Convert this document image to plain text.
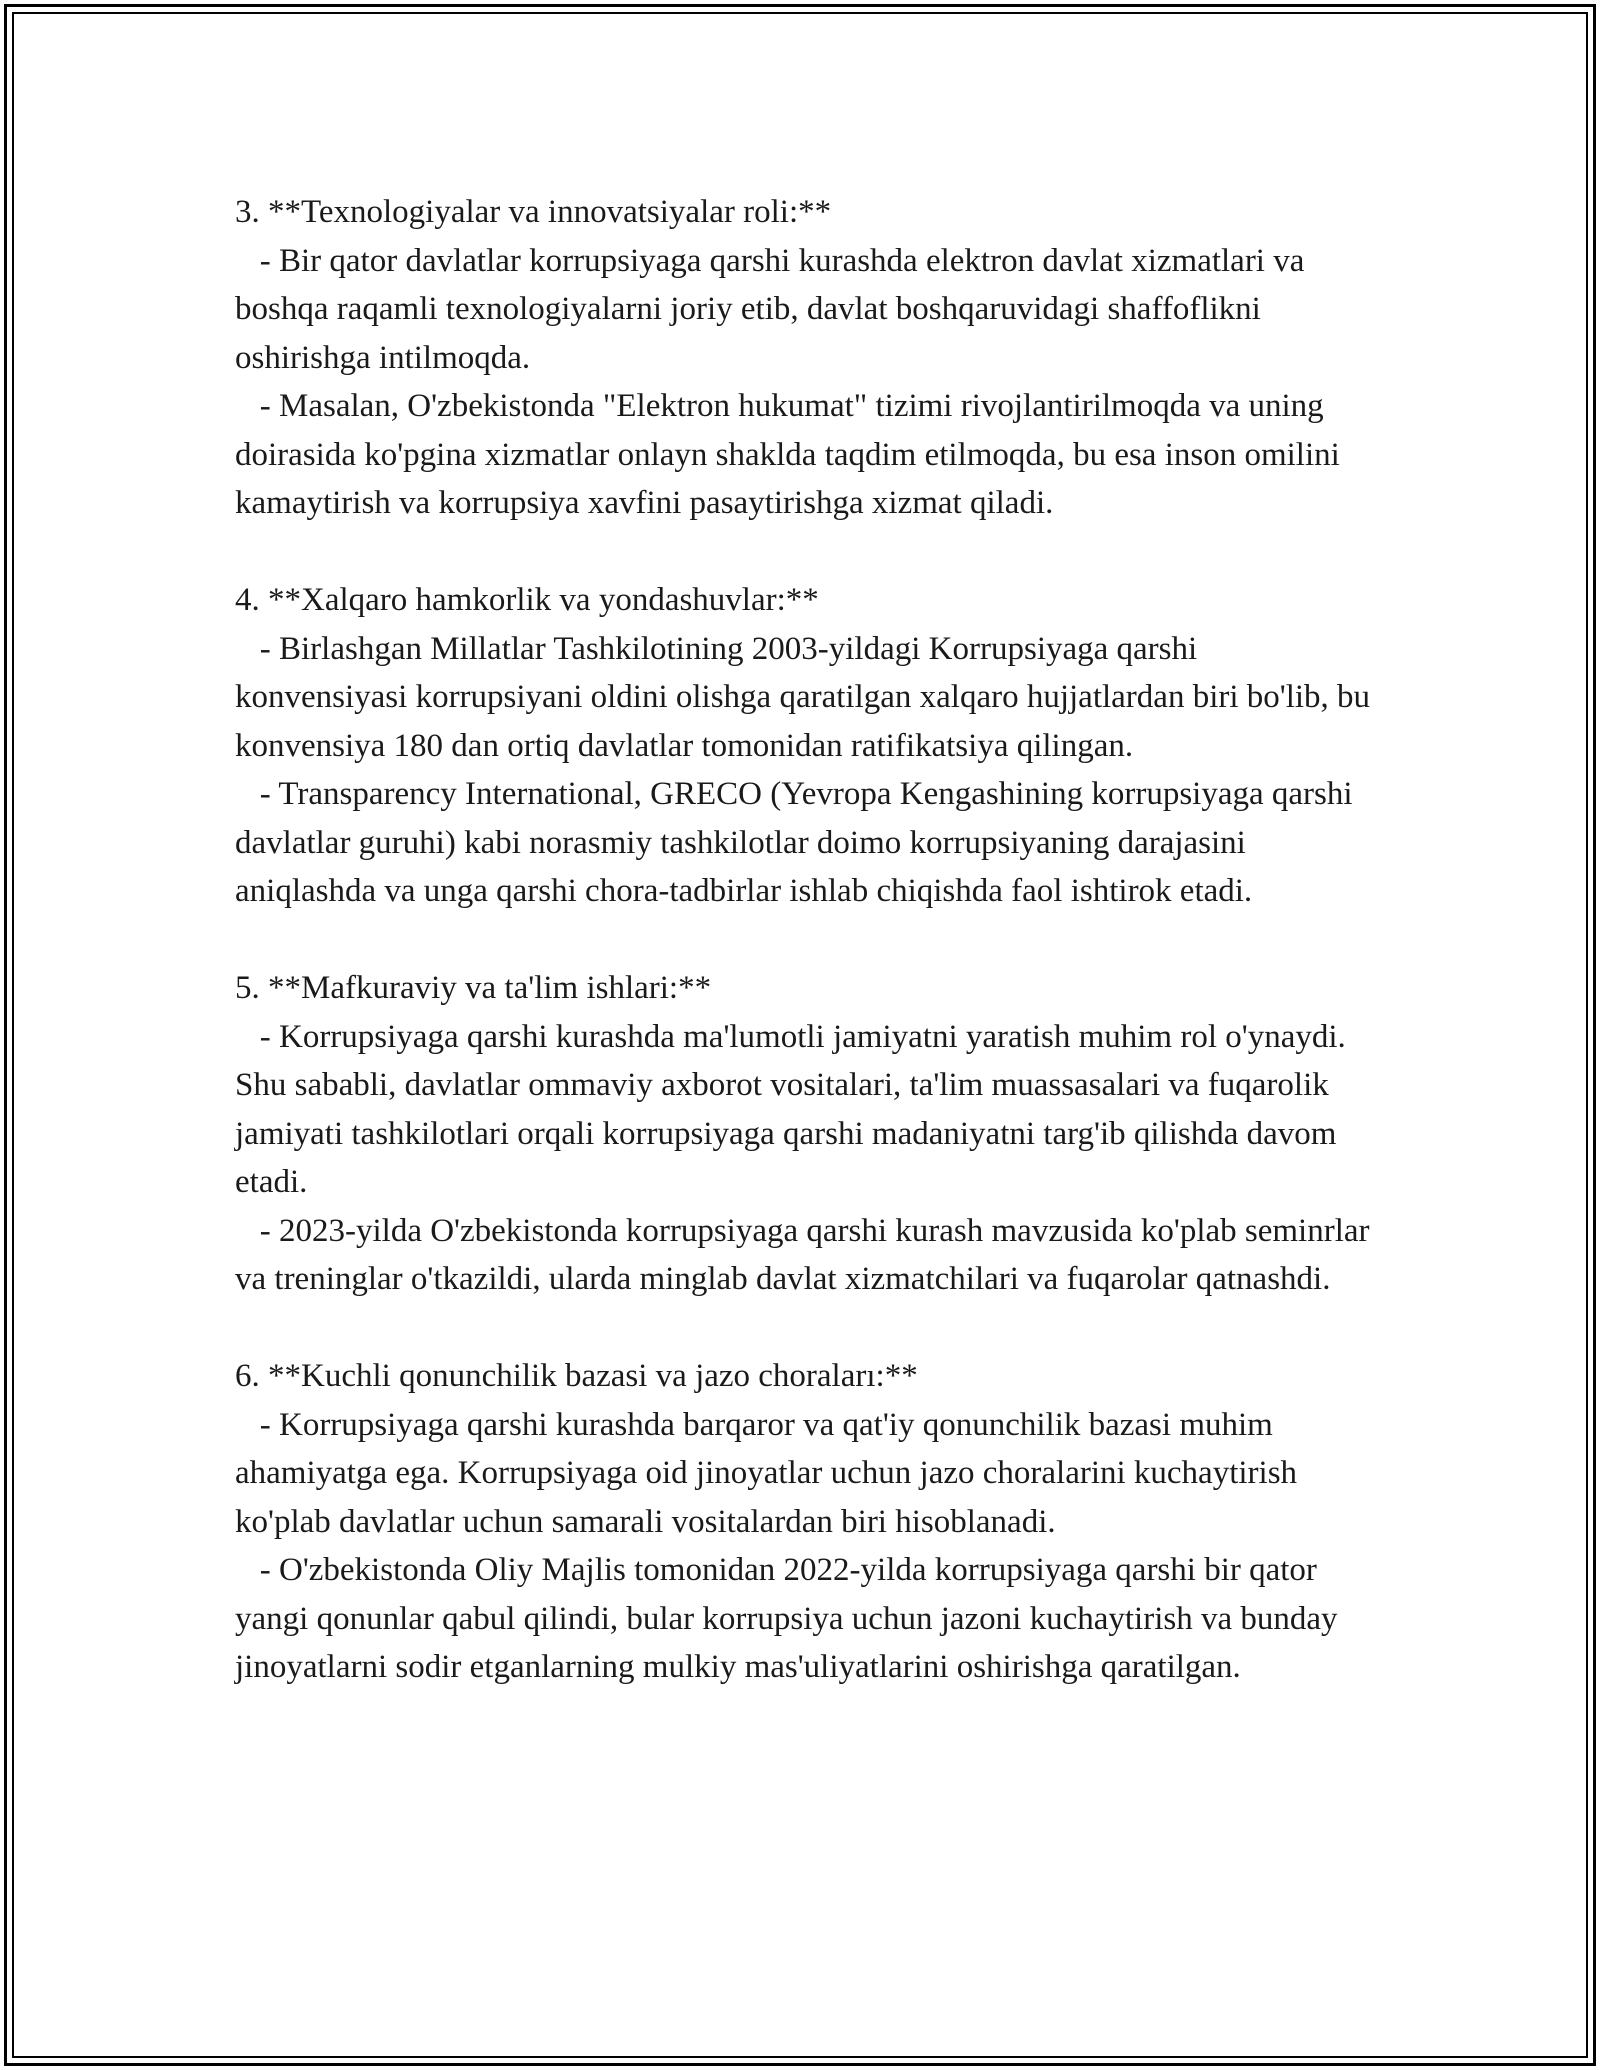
3. **Texnologiyalar va innovatsiyalar roli:**

- Bir qator davlatlar korrupsiyaga qarshi kurashda elektron davlat xizmatlari va boshqa raqamli texnologiyalarni joriy etib, davlat boshqaruvidagi shaffoflikni oshirishga intilmoqda.

- Masalan, O'zbekistonda "Elektron hukumat" tizimi rivojlantirilmoqda va uning doirasida ko'pgina xizmatlar onlayn shaklda taqdim etilmoqda, bu esa inson omilini kamaytirish va korrupsiya xavfini pasaytirishga xizmat qiladi.

4. **Xalqaro hamkorlik va yondashuvlar:**

- Birlashgan Millatlar Tashkilotining 2003-yildagi Korrupsiyaga qarshi konvensiyasi korrupsiyani oldini olishga qaratilgan xalqaro hujjatlardan biri bo'lib, bu konvensiya 180 dan ortiq davlatlar tomonidan ratifikatsiya qilingan.

- Transparency International, GRECO (Yevropa Kengashining korrupsiyaga qarshi davlatlar guruhi) kabi norasmiy tashkilotlar doimo korrupsiyaning darajasini aniqlashda va unga qarshi chora-tadbirlar ishlab chiqishda faol ishtirok etadi.

5. **Mafkuraviy va ta'lim ishlari:**

- Korrupsiyaga qarshi kurashda ma'lumotli jamiyatni yaratish muhim rol o'ynaydi. Shu sababli, davlatlar ommaviy axborot vositalari, ta'lim muassasalari va fuqarolik jamiyati tashkilotlari orqali korrupsiyaga qarshi madaniyatni targ'ib qilishda davom etadi.

- 2023-yilda O'zbekistonda korrupsiyaga qarshi kurash mavzusida ko'plab seminrlar va treninglar o'tkazildi, ularda minglab davlat xizmatchilari va fuqarolar qatnashdi.

6. **Kuchli qonunchilik bazasi va jazo choraları:**

- Korrupsiyaga qarshi kurashda barqaror va qat'iy qonunchilik bazasi muhim ahamiyatga ega. Korrupsiyaga oid jinoyatlar uchun jazo choralarini kuchaytirish ko'plab davlatlar uchun samarali vositalardan biri hisoblanadi.

- O'zbekistonda Oliy Majlis tomonidan 2022-yilda korrupsiyaga qarshi bir qator yangi qonunlar qabul qilindi, bular korrupsiya uchun jazoni kuchaytirish va bunday jinoyatlarni sodir etganlarning mulkiy mas'uliyatlarini oshirishga qaratilgan.
